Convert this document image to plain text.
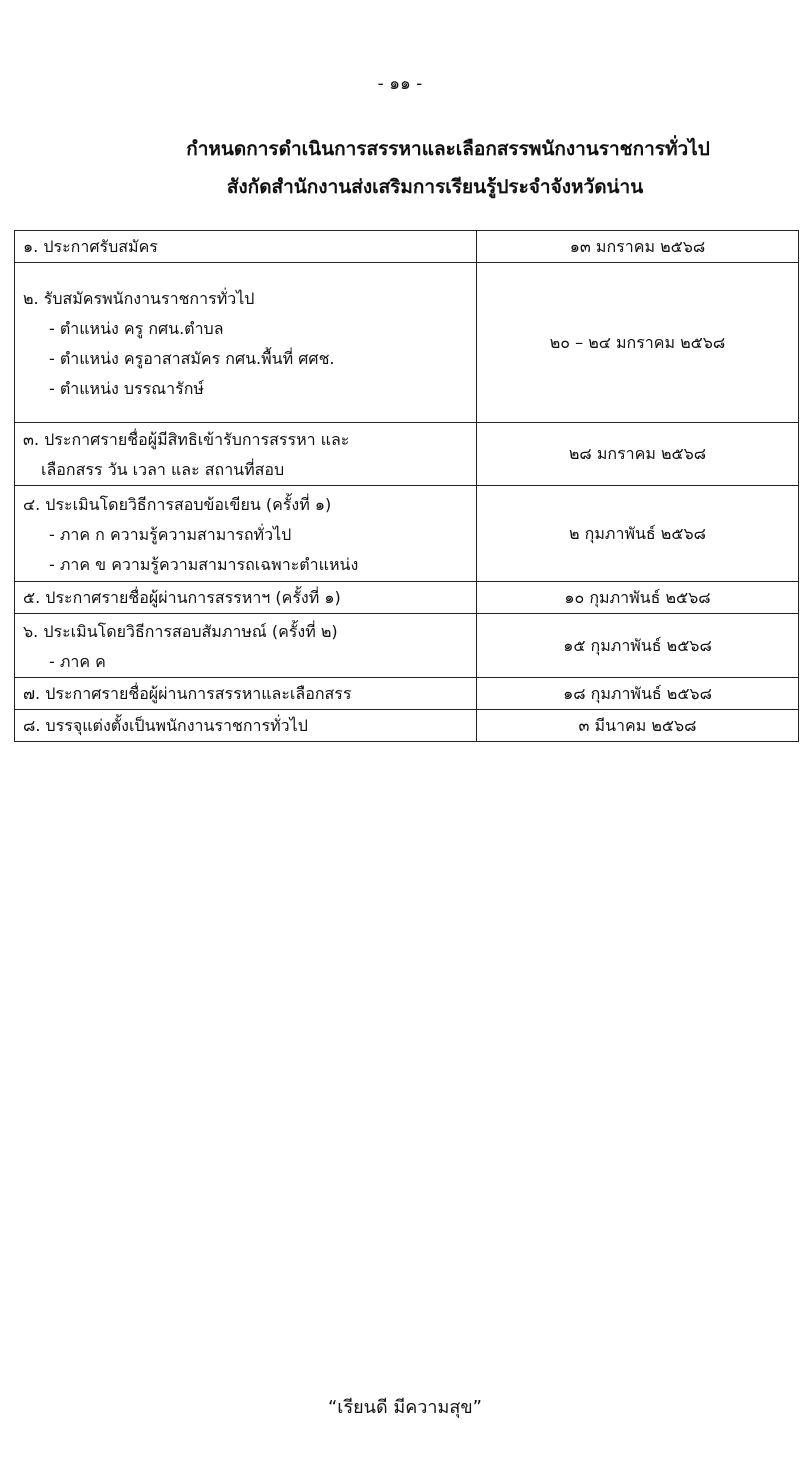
- ๑๑ -
กำหนดการดำเนินการสรรหาและเลือกสรรพนักงานราชการทั่วไป
สังกัดสำนักงานส่งเสริมการเรียนรู้ประจำจังหวัดน่าน
๑. ประกาศรับสมัคร	๑๓ มกราคม ๒๕๖๘

๒. รับสมัครพนักงานราชการทั่วไป
- ตำแหน่ง ครู กศน.ตำบล
- ตำแหน่ง ครูอาสาสมัคร กศน.พื้นที่ ศศช.
- ตำแหน่ง บรรณารักษ์	๒๐ – ๒๔ มกราคม ๒๕๖๘

๓. ประกาศรายชื่อผู้มีสิทธิเข้ารับการสรรหา และ
เลือกสรร วัน เวลา และ สถานที่สอบ	๒๘ มกราคม ๒๕๖๘

๔. ประเมินโดยวิธีการสอบข้อเขียน (ครั้งที่ ๑)
- ภาค ก ความรู้ความสามารถทั่วไป
- ภาค ข ความรู้ความสามารถเฉพาะตำแหน่ง	๒ กุมภาพันธ์ ๒๕๖๘

๕. ประกาศรายชื่อผู้ผ่านการสรรหาฯ (ครั้งที่ ๑)	๑๐ กุมภาพันธ์ ๒๕๖๘

๖. ประเมินโดยวิธีการสอบสัมภาษณ์ (ครั้งที่ ๒)
- ภาค ค	๑๕ กุมภาพันธ์ ๒๕๖๘

๗. ประกาศรายชื่อผู้ผ่านการสรรหาและเลือกสรร	๑๘ กุมภาพันธ์ ๒๕๖๘

๘. บรรจุแต่งตั้งเป็นพนักงานราชการทั่วไป	๓ มีนาคม ๒๕๖๘
“เรียนดี มีความสุข”
